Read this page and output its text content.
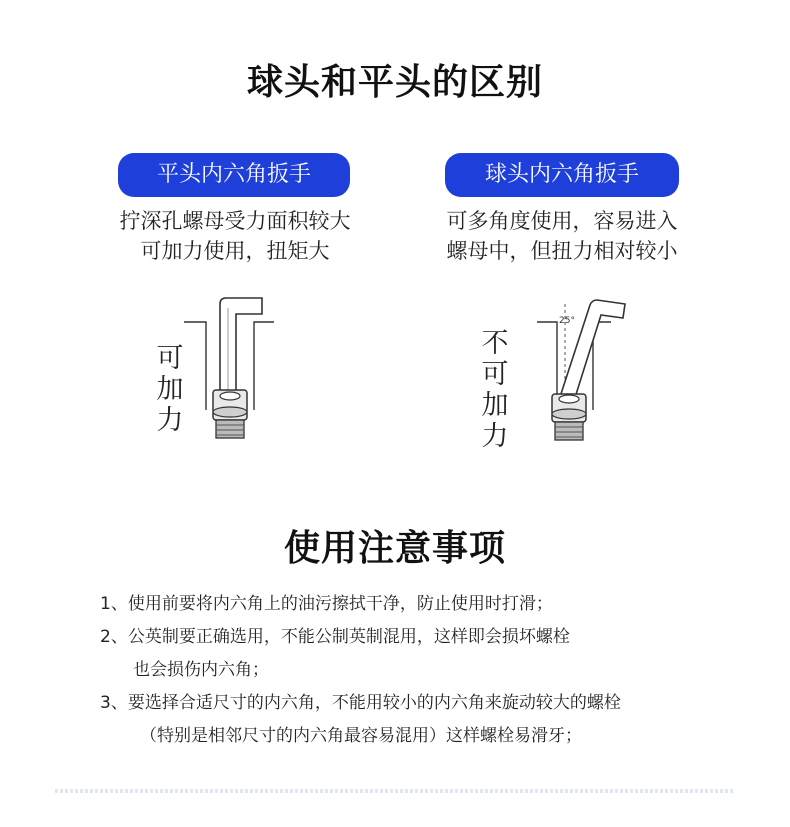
球头和平头的区别
平头内六角扳手	球头内六角扳手
拧深孔螺母受力面积较大
可加力使用，扭矩大
可多角度使用，容易进入
螺母中，但扭力相对较小
25°
可
加
力
不
可
加
力
使用注意事项
1、使用前要将内六角上的油污擦拭干净，防止使用时打滑；
2、公英制要正确选用，不能公制英制混用，这样即会损坏螺栓
也会损伤内六角；
3、要选择合适尺寸的内六角，不能用较小的内六角来旋动较大的螺栓
（特别是相邻尺寸的内六角最容易混用）这样螺栓易滑牙；
